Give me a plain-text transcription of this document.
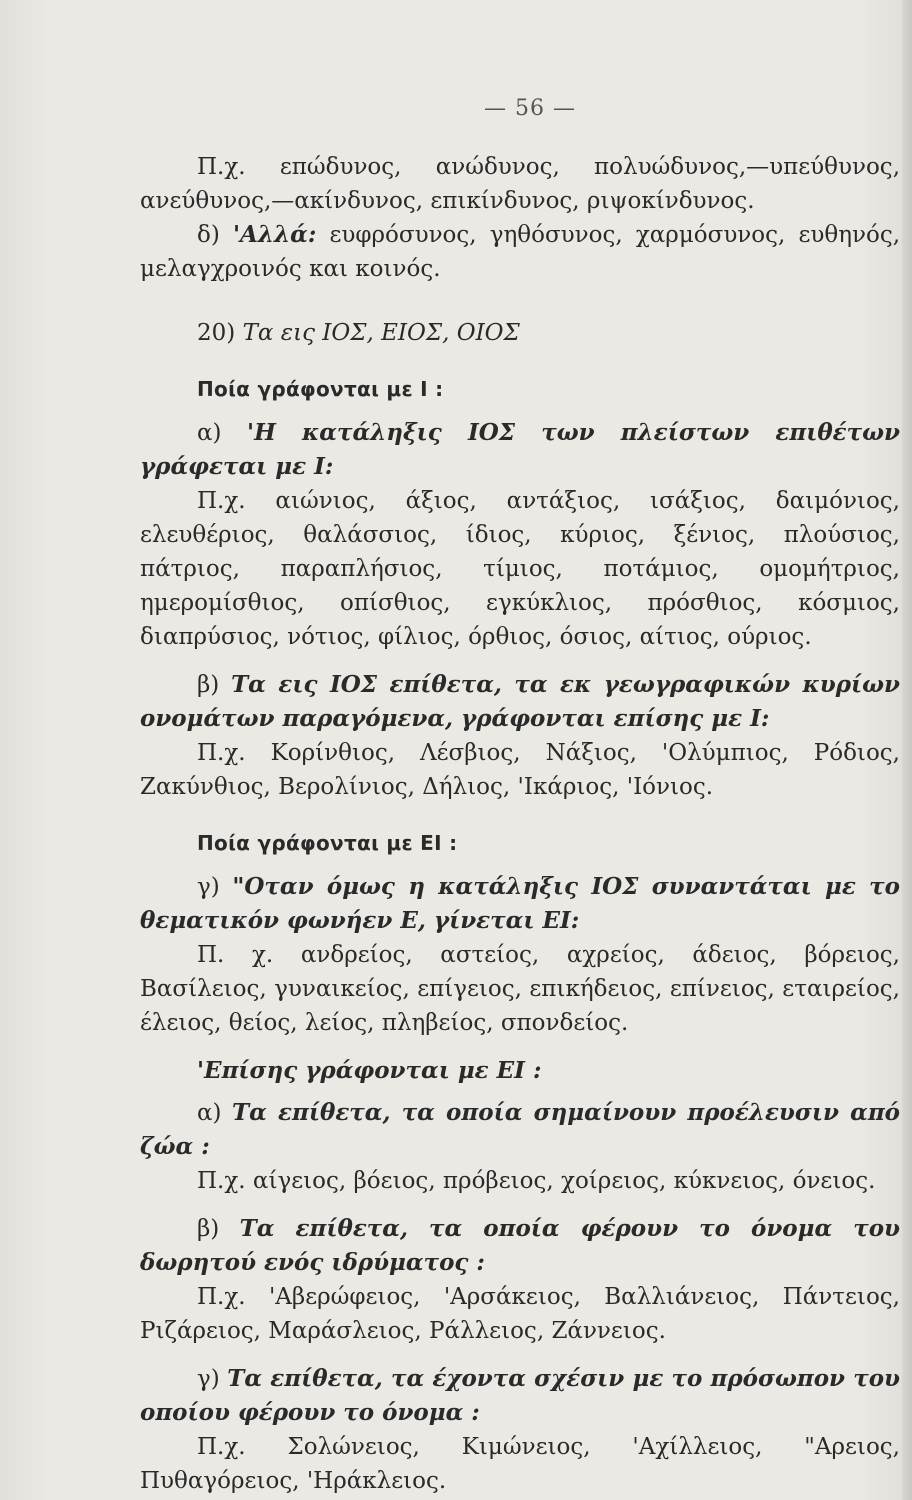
— 56 —

Π.χ. επώδυνος, ανώδυνος, πολυώδυνος,—υπεύθυνος, ανεύθυνος,—ακίνδυνος, επικίνδυνος, ριψοκίνδυνος.

δ) 'Αλλά: ευφρόσυνος, γηθόσυνος, χαρμόσυνος, ευθηνός, μελαγχροινός και κοινός.

20) Τα εις ΙΟΣ, ΕΙΟΣ, ΟΙΟΣ

Ποία γράφονται με Ι :

α) 'Η κατάληξις ΙΟΣ των πλείστων επιθέτων γράφεται με Ι:

Π.χ. αιώνιος, άξιος, αντάξιος, ισάξιος, δαιμόνιος, ελευθέριος, θαλάσσιος, ίδιος, κύριος, ξένιος, πλούσιος, πάτριος, παραπλήσιος, τίμιος, ποτάμιος, ομομήτριος, ημερομίσθιος, οπίσθιος, εγκύκλιος, πρόσθιος, κόσμιος, διαπρύσιος, νότιος, φίλιος, όρθιος, όσιος, αίτιος, ούριος.

β) Τα εις ΙΟΣ επίθετα, τα εκ γεωγραφικών κυρίων ονομάτων παραγόμενα, γράφονται επίσης με Ι:

Π.χ. Κορίνθιος, Λέσβιος, Νάξιος, 'Ολύμπιος, Ρόδιος, Ζακύνθιος, Βερολίνιος, Δήλιος, 'Ικάριος, 'Ιόνιος.

Ποία γράφονται με ΕΙ :

γ) "Οταν όμως η κατάληξις ΙΟΣ συναντάται με το θεματικόν φωνήεν Ε, γίνεται ΕΙ:

Π. χ. ανδρείος, αστείος, αχρείος, άδειος, βόρειος, Βασίλειος, γυναικείος, επίγειος, επικήδειος, επίνειος, εταιρείος, έλειος, θείος, λείος, πληβείος, σπονδείος.

'Επίσης γράφονται με ΕΙ :

α) Τα επίθετα, τα οποία σημαίνουν προέλευσιν από ζώα :

Π.χ. αίγειος, βόειος, πρόβειος, χοίρειος, κύκνειος, όνειος.

β) Τα επίθετα, τα οποία φέρουν το όνομα του δωρητού ενός ιδρύματος :

Π.χ. 'Αβερώφειος, 'Αρσάκειος, Βαλλιάνειος, Πάντειος, Ριζάρειος, Μαράσλειος, Ράλλειος, Ζάννειος.

γ) Τα επίθετα, τα έχοντα σχέσιν με το πρόσωπον του οποίου φέρουν το όνομα :

Π.χ. Σολώνειος, Κιμώνειος, 'Αχίλλειος, "Αρειος, Πυθαγόρειος, 'Ηράκλειος.
